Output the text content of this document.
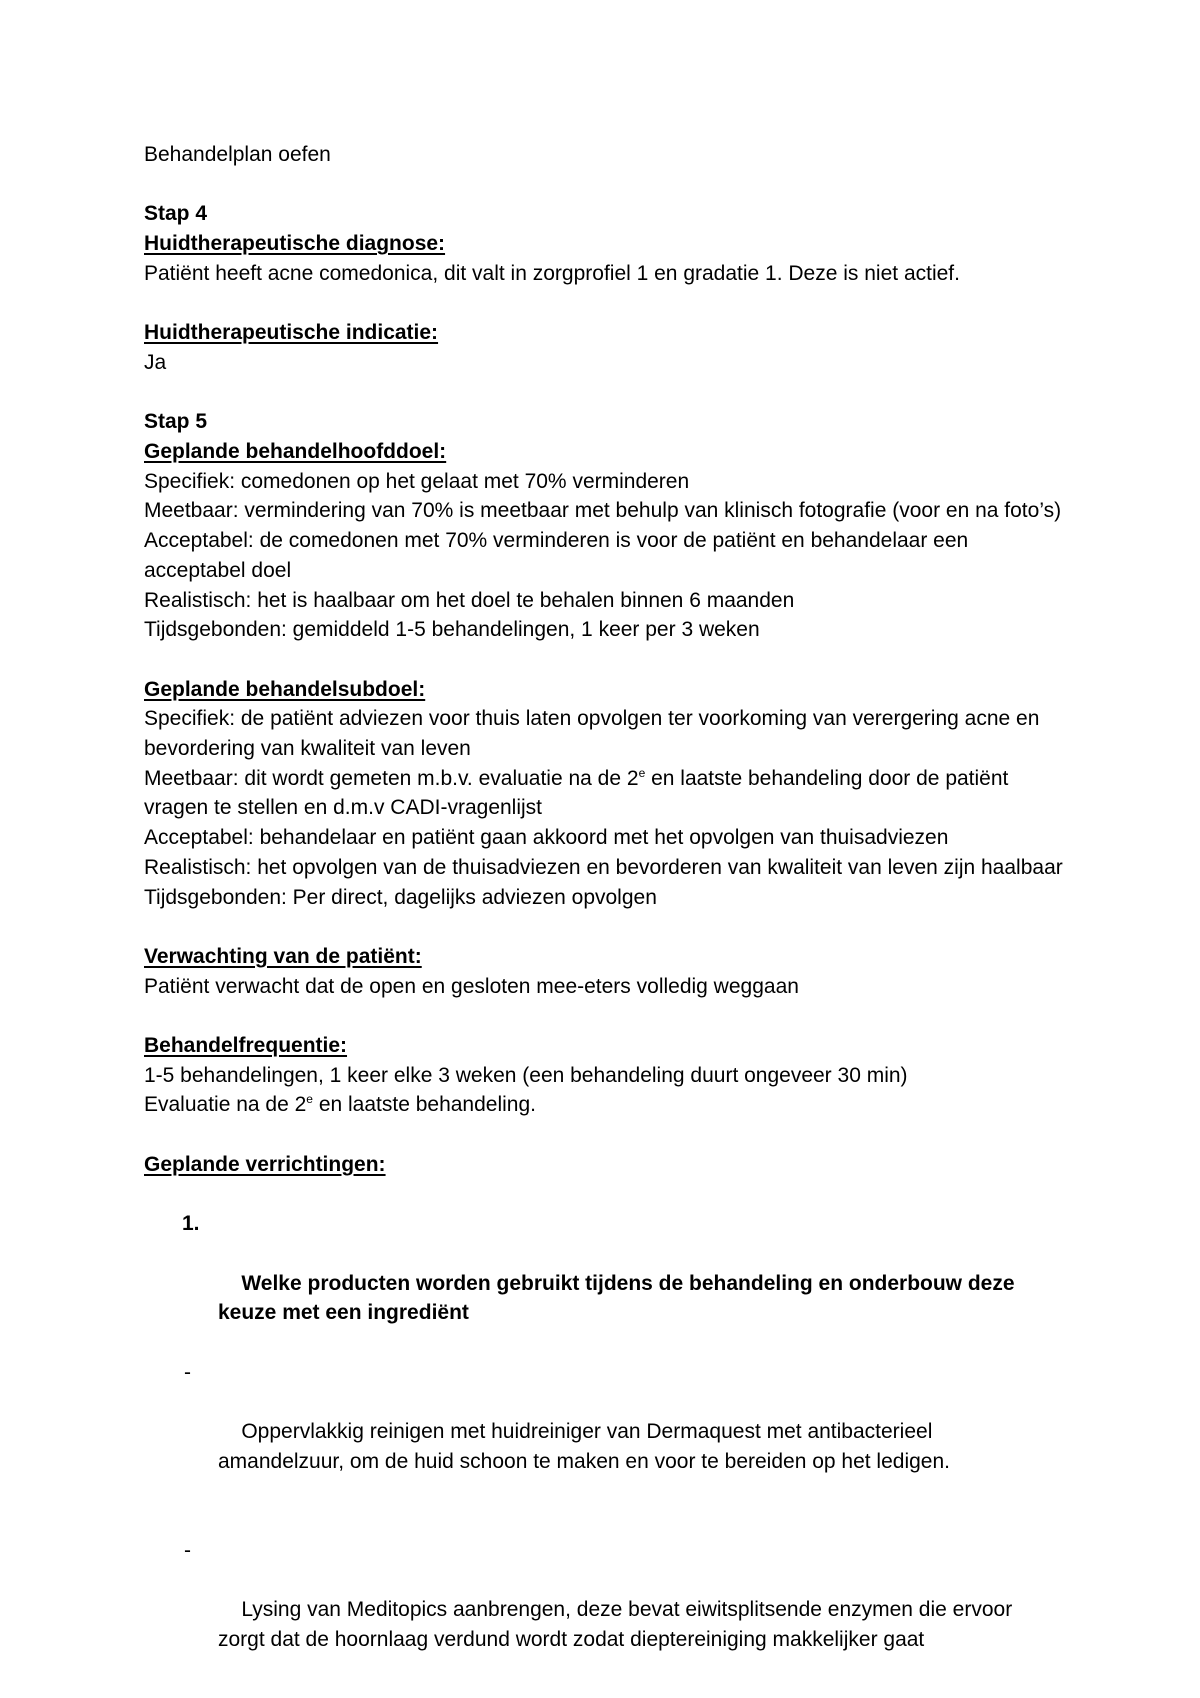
Behandelplan oefen

Stap 4

Huidtherapeutische diagnose:

Patiënt heeft acne comedonica, dit valt in zorgprofiel 1 en gradatie 1. Deze is niet actief.

Huidtherapeutische indicatie:

Ja

Stap 5

Geplande behandelhoofddoel:

Specifiek: comedonen op het gelaat met 70% verminderen

Meetbaar: vermindering van 70% is meetbaar met behulp van klinisch fotografie (voor en na foto’s)

Acceptabel: de comedonen met 70% verminderen is voor de patiënt en behandelaar een acceptabel doel

Realistisch: het is haalbaar om het doel te behalen binnen 6 maanden

Tijdsgebonden: gemiddeld 1-5 behandelingen, 1 keer per 3 weken

Geplande behandelsubdoel:

Specifiek: de patiënt adviezen voor thuis laten opvolgen ter voorkoming van verergering acne en bevordering van kwaliteit van leven

Meetbaar: dit wordt gemeten m.b.v. evaluatie na de 2e en laatste behandeling door de patiënt vragen te stellen en d.m.v CADI-vragenlijst

Acceptabel: behandelaar en patiënt gaan akkoord met het opvolgen van thuisadviezen

Realistisch: het opvolgen van de thuisadviezen en bevorderen van kwaliteit van leven zijn haalbaar

Tijdsgebonden: Per direct, dagelijks adviezen opvolgen

Verwachting van de patiënt:

Patiënt verwacht dat de open en gesloten mee-eters volledig weggaan

Behandelfrequentie:

1-5 behandelingen, 1 keer elke 3 weken (een behandeling duurt ongeveer 30 min)

Evaluatie na de 2e en laatste behandeling.

Geplande verrichtingen:

1.

Welke producten worden gebruikt tijdens de behandeling en onderbouw deze keuze met een ingrediënt

-

Oppervlakkig reinigen met huidreiniger van Dermaquest met antibacterieel amandelzuur, om de huid schoon te maken en voor te bereiden op het ledigen.

-

Lysing van Meditopics aanbrengen, deze bevat eiwitsplitsende enzymen die ervoor zorgt dat de hoornlaag verdund wordt zodat dieptereiniging makkelijker gaat
